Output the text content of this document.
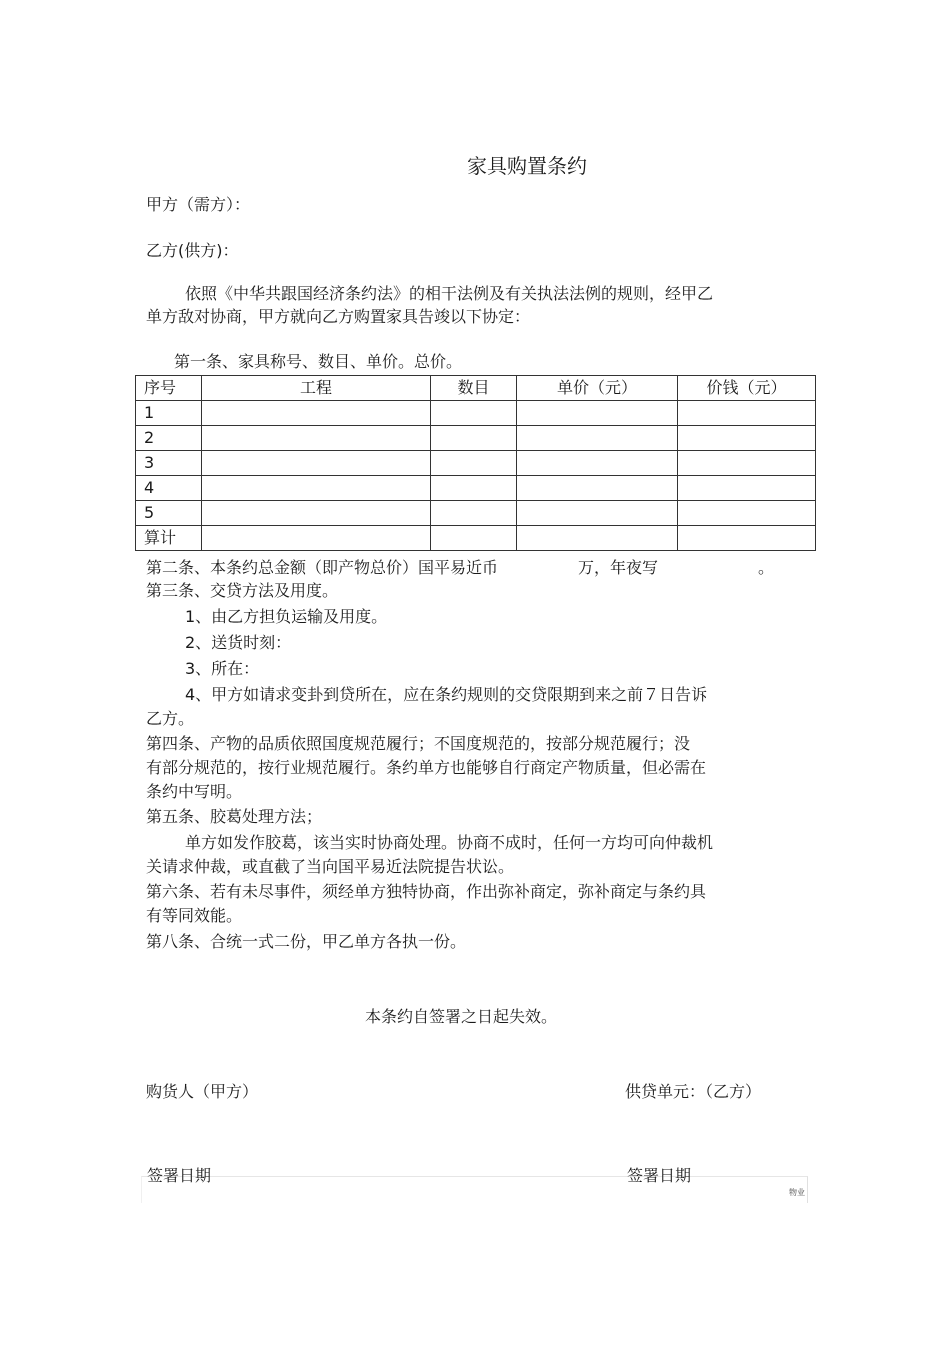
家具购置条约
甲方（需方）：
乙方(供方)：
依照《中华共跟国经济条约法》的相干法例及有关执法法例的规则，经甲乙
单方敌对协商，甲方就向乙方购置家具告竣以下协定：
第一条、家具称号、数目、单价。总价。
序号	工程	数目	单价（元）	价钱（元）
1				
2				
3				
4				
5				
算计				
第二条、本条约总金额（即产物总价）国平易近币	万，年夜写	。
第三条、交贷方法及用度。
1、由乙方担负运输及用度。
2、送货时刻：
3、所在：
4、甲方如请求变卦到贷所在，应在条约规则的交贷限期到来之前７日告诉
乙方。
第四条、产物的品质依照国度规范履行；不国度规范的，按部分规范履行；没
有部分规范的，按行业规范履行。条约单方也能够自行商定产物质量，但必需在
条约中写明。
第五条、胶葛处理方法；
单方如发作胶葛，该当实时协商处理。协商不成时，任何一方均可向仲裁机
关请求仲裁，或直截了当向国平易近法院提告状讼。
第六条、若有未尽事件，须经单方独特协商，作出弥补商定，弥补商定与条约具
有等同效能。
第八条、合统一式二份，甲乙单方各执一份。
本条约自签署之日起失效。
购货人（甲方）	供贷单元：（乙方）
签署日期	签署日期
物业
